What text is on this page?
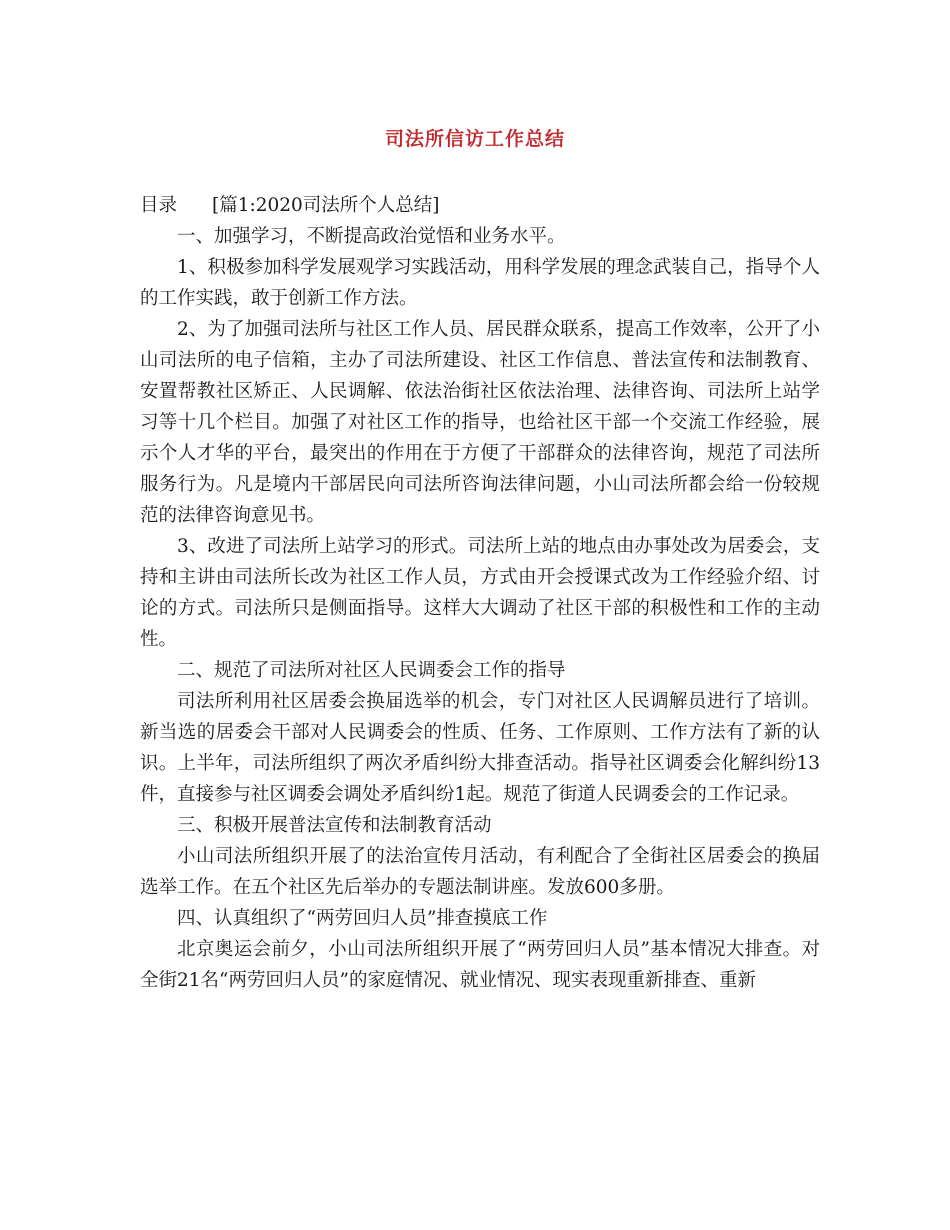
司法所信访工作总结

目录 [篇1:2020司法所个人总结]

一、加强学习，不断提高政治觉悟和业务水平。

1、积极参加科学发展观学习实践活动，用科学发展的理念武装自己，指导个人的工作实践，敢于创新工作方法。

2、为了加强司法所与社区工作人员、居民群众联系，提高工作效率，公开了小山司法所的电子信箱，主办了司法所建设、社区工作信息、普法宣传和法制教育、安置帮教社区矫正、人民调解、依法治街社区依法治理、法律咨询、司法所上站学习等十几个栏目。加强了对社区工作的指导，也给社区干部一个交流工作经验，展示个人才华的平台，最突出的作用在于方便了干部群众的法律咨询，规范了司法所服务行为。凡是境内干部居民向司法所咨询法律问题，小山司法所都会给一份较规范的法律咨询意见书。

3、改进了司法所上站学习的形式。司法所上站的地点由办事处改为居委会，支持和主讲由司法所长改为社区工作人员，方式由开会授课式改为工作经验介绍、讨论的方式。司法所只是侧面指导。这样大大调动了社区干部的积极性和工作的主动性。

二、规范了司法所对社区人民调委会工作的指导

司法所利用社区居委会换届选举的机会，专门对社区人民调解员进行了培训。新当选的居委会干部对人民调委会的性质、任务、工作原则、工作方法有了新的认识。上半年，司法所组织了两次矛盾纠纷大排查活动。指导社区调委会化解纠纷13件，直接参与社区调委会调处矛盾纠纷1起。规范了街道人民调委会的工作记录。

三、积极开展普法宣传和法制教育活动

小山司法所组织开展了的法治宣传月活动，有利配合了全街社区居委会的换届选举工作。在五个社区先后举办的专题法制讲座。发放600多册。

四、认真组织了“两劳回归人员”排查摸底工作

北京奥运会前夕，小山司法所组织开展了“两劳回归人员”基本情况大排查。对全街21名“两劳回归人员”的家庭情况、就业情况、现实表现重新排查、重新
